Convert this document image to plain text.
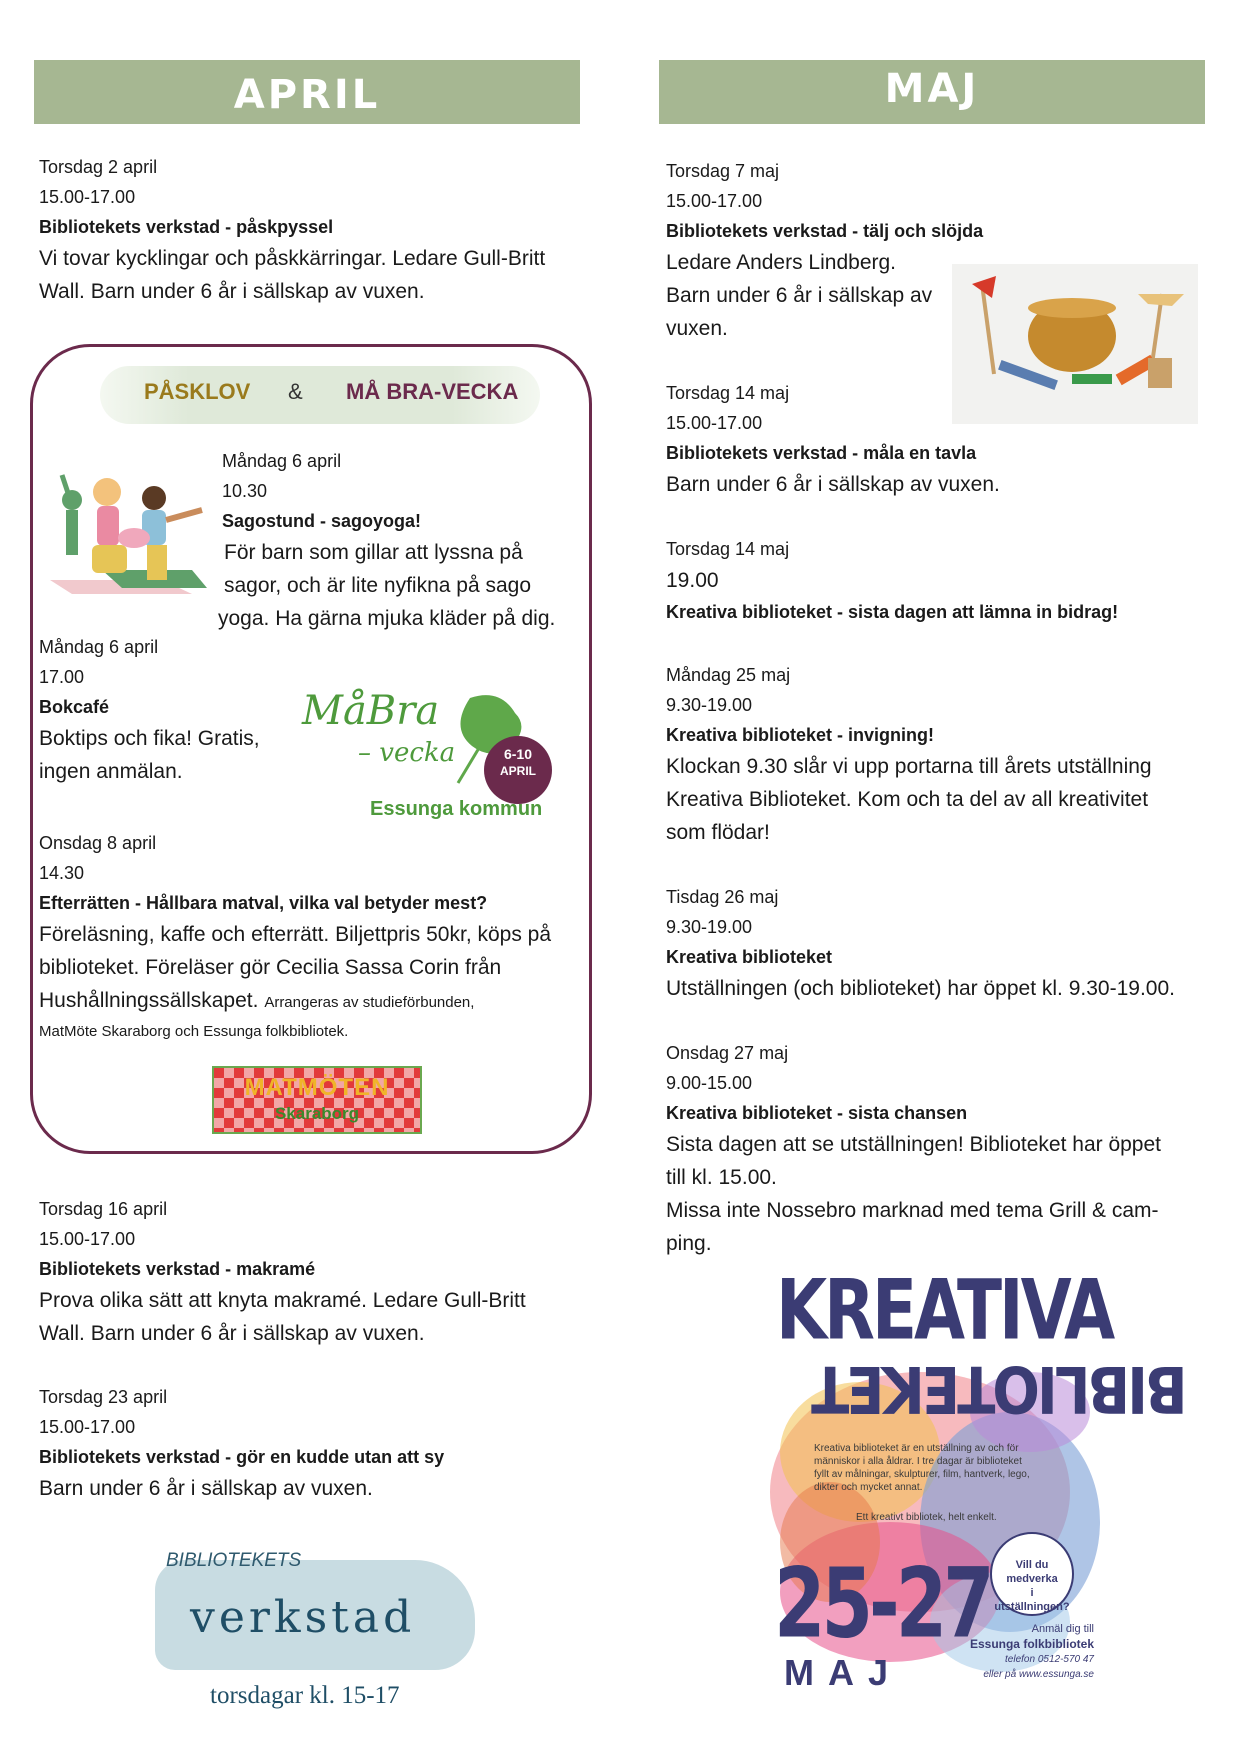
APRIL	MAJ
Torsdag 2 april
15.00-17.00
Bibliotekets verkstad - påskpyssel
Vi tovar kycklingar och påskkärringar. Ledare Gull-Britt
Wall. Barn under 6 år i sällskap av vuxen.
PÅSKLOV & MÅ BRA-VECKA
Måndag 6 april
10.30
Sagostund - sagoyoga!
För barn som gillar att lyssna på
sagor, och är lite nyfikna på sago
yoga. Ha gärna mjuka kläder på dig.
Måndag 6 april
17.00
Bokcafé
Boktips och fika! Gratis,
ingen anmälan.
MåBra
– vecka	6-10
APRIL
Essunga kommun
Onsdag 8 april
14.30
Efterrätten - Hållbara matval, vilka val betyder mest?
Föreläsning, kaffe och efterrätt. Biljettpris 50kr, köps på
biblioteket. Föreläser gör Cecilia Sassa Corin från
Hushållningssällskapet. Arrangeras av studieförbunden,
MatMöte Skaraborg och Essunga folkbibliotek.
MATMÖTEN
Skaraborg
Torsdag 16 april
15.00-17.00
Bibliotekets verkstad - makramé
Prova olika sätt att knyta makramé. Ledare Gull-Britt
Wall. Barn under 6 år i sällskap av vuxen.
Torsdag 23 april
15.00-17.00
Bibliotekets verkstad - gör en kudde utan att sy
Barn under 6 år i sällskap av vuxen.
BIBLIOTEKETS
verkstad
torsdagar kl. 15-17
Torsdag 7 maj
15.00-17.00
Bibliotekets verkstad - tälj och slöjda
Ledare Anders Lindberg.
Barn under 6 år i sällskap av
vuxen.
Torsdag 14 maj
15.00-17.00
Bibliotekets verkstad - måla en tavla
Barn under 6 år i sällskap av vuxen.
Torsdag 14 maj
19.00
Kreativa biblioteket - sista dagen att lämna in bidrag!
Måndag 25 maj
9.30-19.00
Kreativa biblioteket - invigning!
Klockan 9.30 slår vi upp portarna till årets utställning
Kreativa Biblioteket. Kom och ta del av all kreativitet
som flödar!
Tisdag 26 maj
9.30-19.00
Kreativa biblioteket
Utställningen (och biblioteket) har öppet kl. 9.30-19.00.
Onsdag 27 maj
9.00-15.00
Kreativa biblioteket - sista chansen
Sista dagen att se utställningen! Biblioteket har öppet
till kl. 15.00.
Missa inte Nossebro marknad med tema Grill & cam-
ping.
KREATIVA
BIBLIOTEKET
Kreativa biblioteket är en utställning av och för
människor i alla åldrar. I tre dagar är biblioteket
fyllt av målningar, skulpturer, film, hantverk, lego,
dikter och mycket annat.
Ett kreativt bibliotek, helt enkelt.
Vill du medverka
i utställningen?
25-27
MAJ
Anmäl dig till
Essunga folkbibliotek
telefon 0512-570 47
eller på www.essunga.se
